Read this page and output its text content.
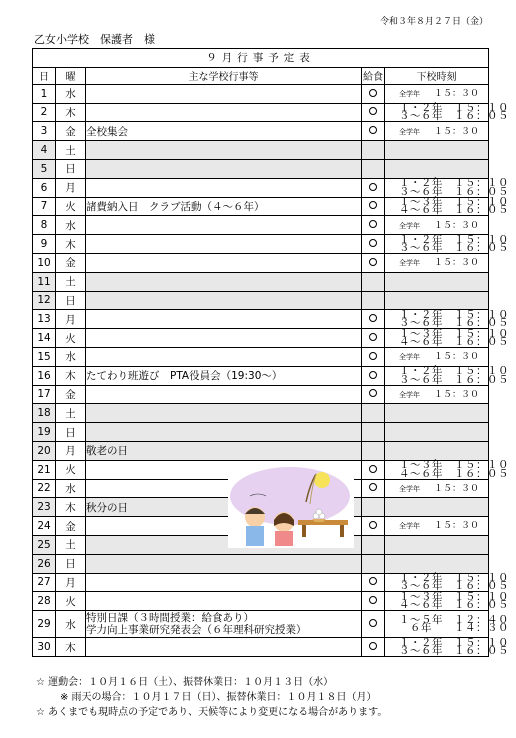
令和３年８月２７日（金）
乙女小学校　保護者　様
９月行事予定表				
日	曜	主な学校行事等	給食	下校時刻
1	水			全学年 １５：３０
2	木			１・２年　１５：１０
３～６年　１６：０５

3	金	全校集会		全学年 １５：３０
4	土			
5	日			
6	月			１・２年　１５：１０
３～６年　１６：０５

7	火	諸費納入日　クラブ活動（４～６年）		１～３年　１５：１０
４～６年　１６：０５

8	水			全学年 １５：３０
9	木			１・２年　１５：１０
３～６年　１６：０５

10	金			全学年 １５：３０
11	土			
12	日			
13	月			１・２年　１５：１０
３～６年　１６：０５

14	火			１～３年　１５：１０
４～６年　１６：０５

15	水			全学年 １５：３０
16	木	たてわり班遊び　PTA役員会（19:30～）		１・２年　１５：１０
３～６年　１６：０５

17	金			全学年 １５：３０
18	土			
19	日			
20	月	敬老の日		
21	火			１～３年　１５：１０
４～６年　１６：０５

22	水			全学年 １５：３０
23	木	秋分の日		
24	金			全学年 １５：３０
25	土			
26	日			
27	月			１・２年　１５：１０
３～６年　１６：０５

28	火			１～３年　１５：１０
４～６年　１６：０５

29	水	特別日課（３時間授業：給食あり）
学力向上事業研究発表会（６年理科研究授業）		１～５年　１２：４０
　６年　　１４：３０

30	木			１・２年　１５：１０
３～６年　１６：０５
☆ 運動会：１０月１６日（土）、振替休業日：１０月１３日（水）
※ 雨天の場合：１０月１７日（日）、振替休業日：１０月１８日（月）
☆ あくまでも現時点の予定であり、天候等により変更になる場合があります。
